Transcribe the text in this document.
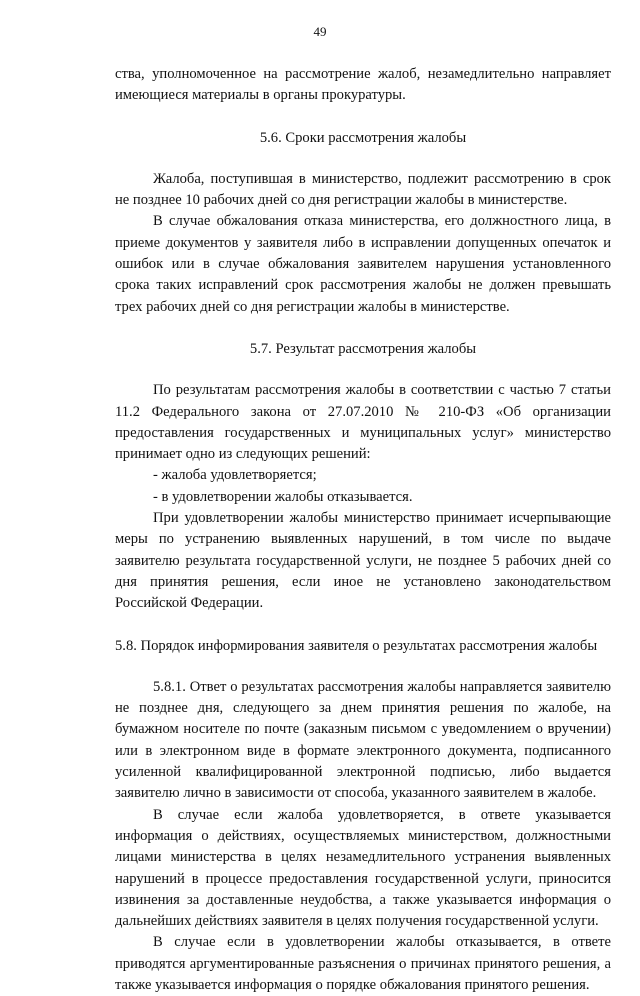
49

ства, уполномоченное на рассмотрение жалоб, незамедлительно направляет имеющиеся материалы в органы прокуратуры.

5.6. Сроки рассмотрения жалобы

Жалоба, поступившая в министерство, подлежит рассмотрению в срок не позднее 10 рабочих дней со дня регистрации жалобы в министерстве.

В случае обжалования отказа министерства, его должностного лица, в приеме документов у заявителя либо в исправлении допущенных опечаток и ошибок или в случае обжалования заявителем нарушения установленного срока таких исправлений срок рассмотрения жалобы не должен превышать трех рабочих дней со дня регистрации жалобы в министерстве.

5.7. Результат рассмотрения жалобы

По результатам рассмотрения жалобы в соответствии с частью 7 статьи 11.2 Федерального закона от 27.07.2010 № 210-ФЗ «Об организации предоставления государственных и муниципальных услуг» министерство принимает одно из следующих решений:

- жалоба удовлетворяется;

- в удовлетворении жалобы отказывается.

При удовлетворении жалобы министерство принимает исчерпывающие меры по устранению выявленных нарушений, в том числе по выдаче заявителю результата государственной услуги, не позднее 5 рабочих дней со дня принятия решения, если иное не установлено законодательством Российской Федерации.

5.8. Порядок информирования заявителя о результатах рассмотрения жалобы

5.8.1. Ответ о результатах рассмотрения жалобы направляется заявителю не позднее дня, следующего за днем принятия решения по жалобе, на бумажном носителе по почте (заказным письмом с уведомлением о вручении) или в электронном виде в формате электронного документа, подписанного усиленной квалифицированной электронной подписью, либо выдается заявителю лично в зависимости от способа, указанного заявителем в жалобе.

В случае если жалоба удовлетворяется, в ответе указывается информация о действиях, осуществляемых министерством, должностными лицами министерства в целях незамедлительного устранения выявленных нарушений в процессе предоставления государственной услуги, приносится извинения за доставленные неудобства, а также указывается информация о дальнейших действиях заявителя в целях получения государственной услуги.

В случае если в удовлетворении жалобы отказывается, в ответе приводятся аргументированные разъяснения о причинах принятого решения, а также указывается информация о порядке обжалования принятого решения.
